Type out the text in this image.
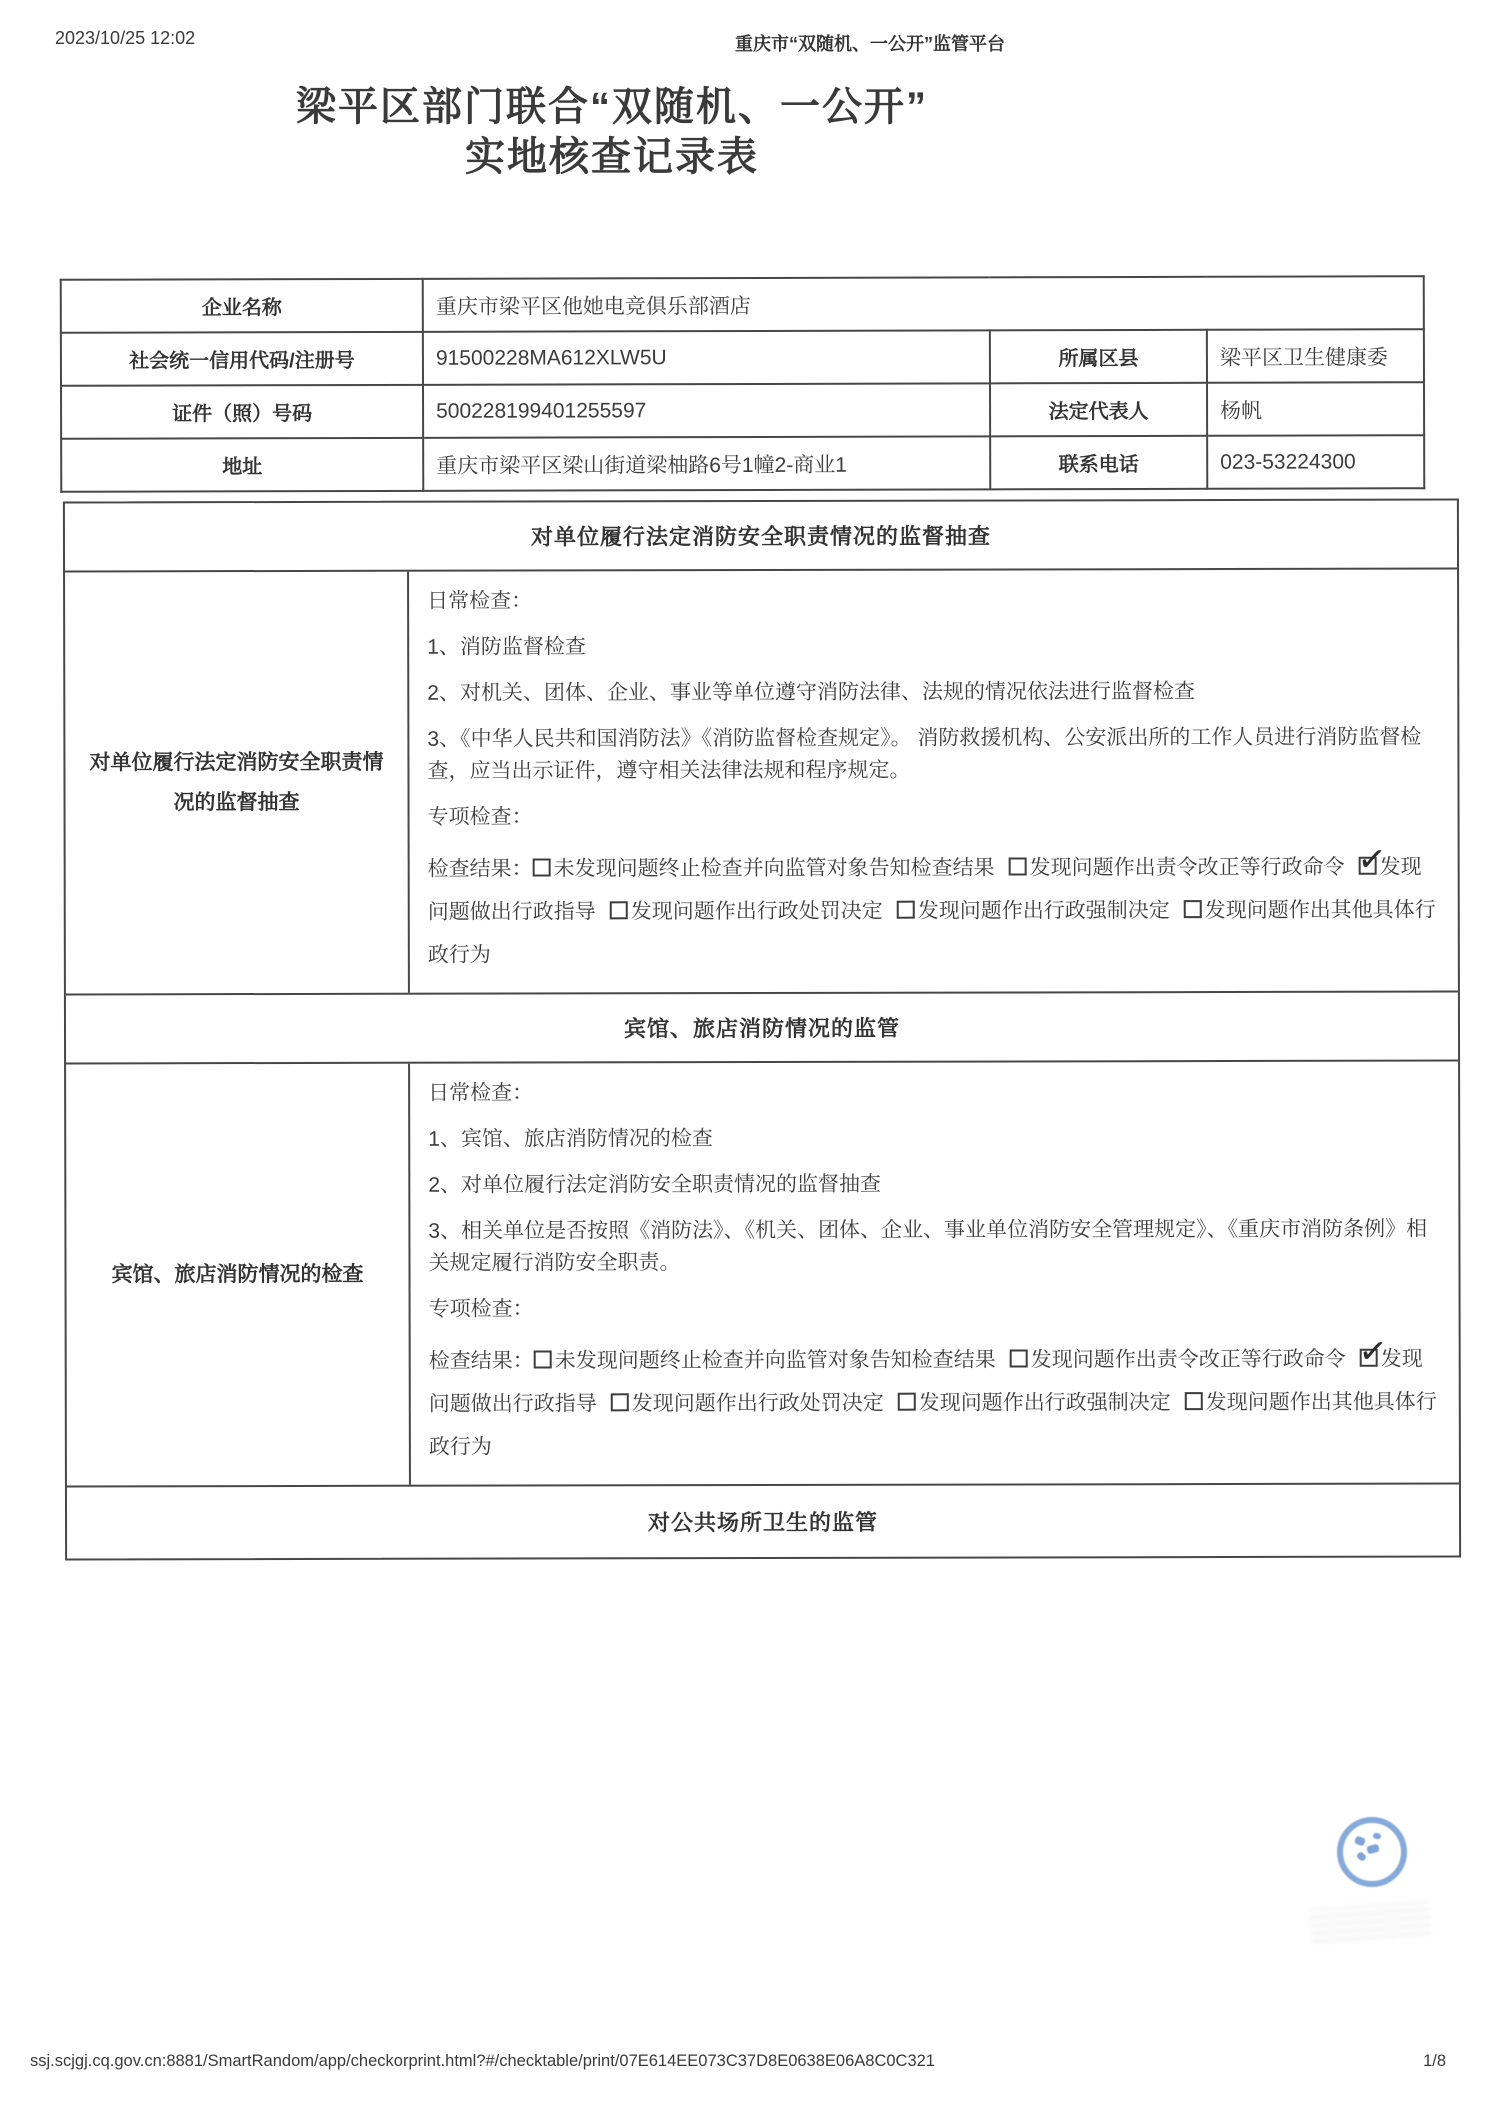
2023/10/25 12:02	重庆市“双随机、一公开”监管平台
梁平区部门联合“双随机、一公开”
实地核查记录表
企业名称	重庆市梁平区他她电竞俱乐部酒店		
社会统一信用代码/注册号	91500228MA612XLW5U	所属区县	梁平区卫生健康委
证件（照）号码	500228199401255597	法定代表人	杨帆
地址	重庆市梁平区梁山街道梁柚路6号1幢2-商业1	联系电话	023-53224300
对单位履行法定消防安全职责情况的监督抽查
对单位履行法定消防安全职责情况的监督抽查
日常检查：
1、消防监督检查
2、对机关、团体、企业、事业等单位遵守消防法律、法规的情况依法进行监督检查
3、《中华人民共和国消防法》《消防监督检查规定》。 消防救援机构、公安派出所的工作人员进行消防监督检查，应当出示证件，遵守相关法律法规和程序规定。
专项检查：
检查结果： 未发现问题终止检查并向监管对象告知检查结果 发现问题作出责令改正等行政命令 ✓ 发现问题做出行政指导 发现问题作出行政处罚决定 发现问题作出行政强制决定 发现问题作出其他具体行政行为
宾馆、旅店消防情况的监管
宾馆、旅店消防情况的检查
日常检查：
1、宾馆、旅店消防情况的检查
2、对单位履行法定消防安全职责情况的监督抽查
3、相关单位是否按照《消防法》、《机关、团体、企业、事业单位消防安全管理规定》、《重庆市消防条例》相关规定履行消防安全职责。
专项检查：
检查结果： 未发现问题终止检查并向监管对象告知检查结果 发现问题作出责令改正等行政命令 ✓ 发现问题做出行政指导 发现问题作出行政处罚决定 发现问题作出行政强制决定 发现问题作出其他具体行政行为
对公共场所卫生的监管
ssj.scjgj.cq.gov.cn:8881/SmartRandom/app/checkorprint.html?#/checktable/print/07E614EE073C37D8E0638E06A8C0C321	1/8
